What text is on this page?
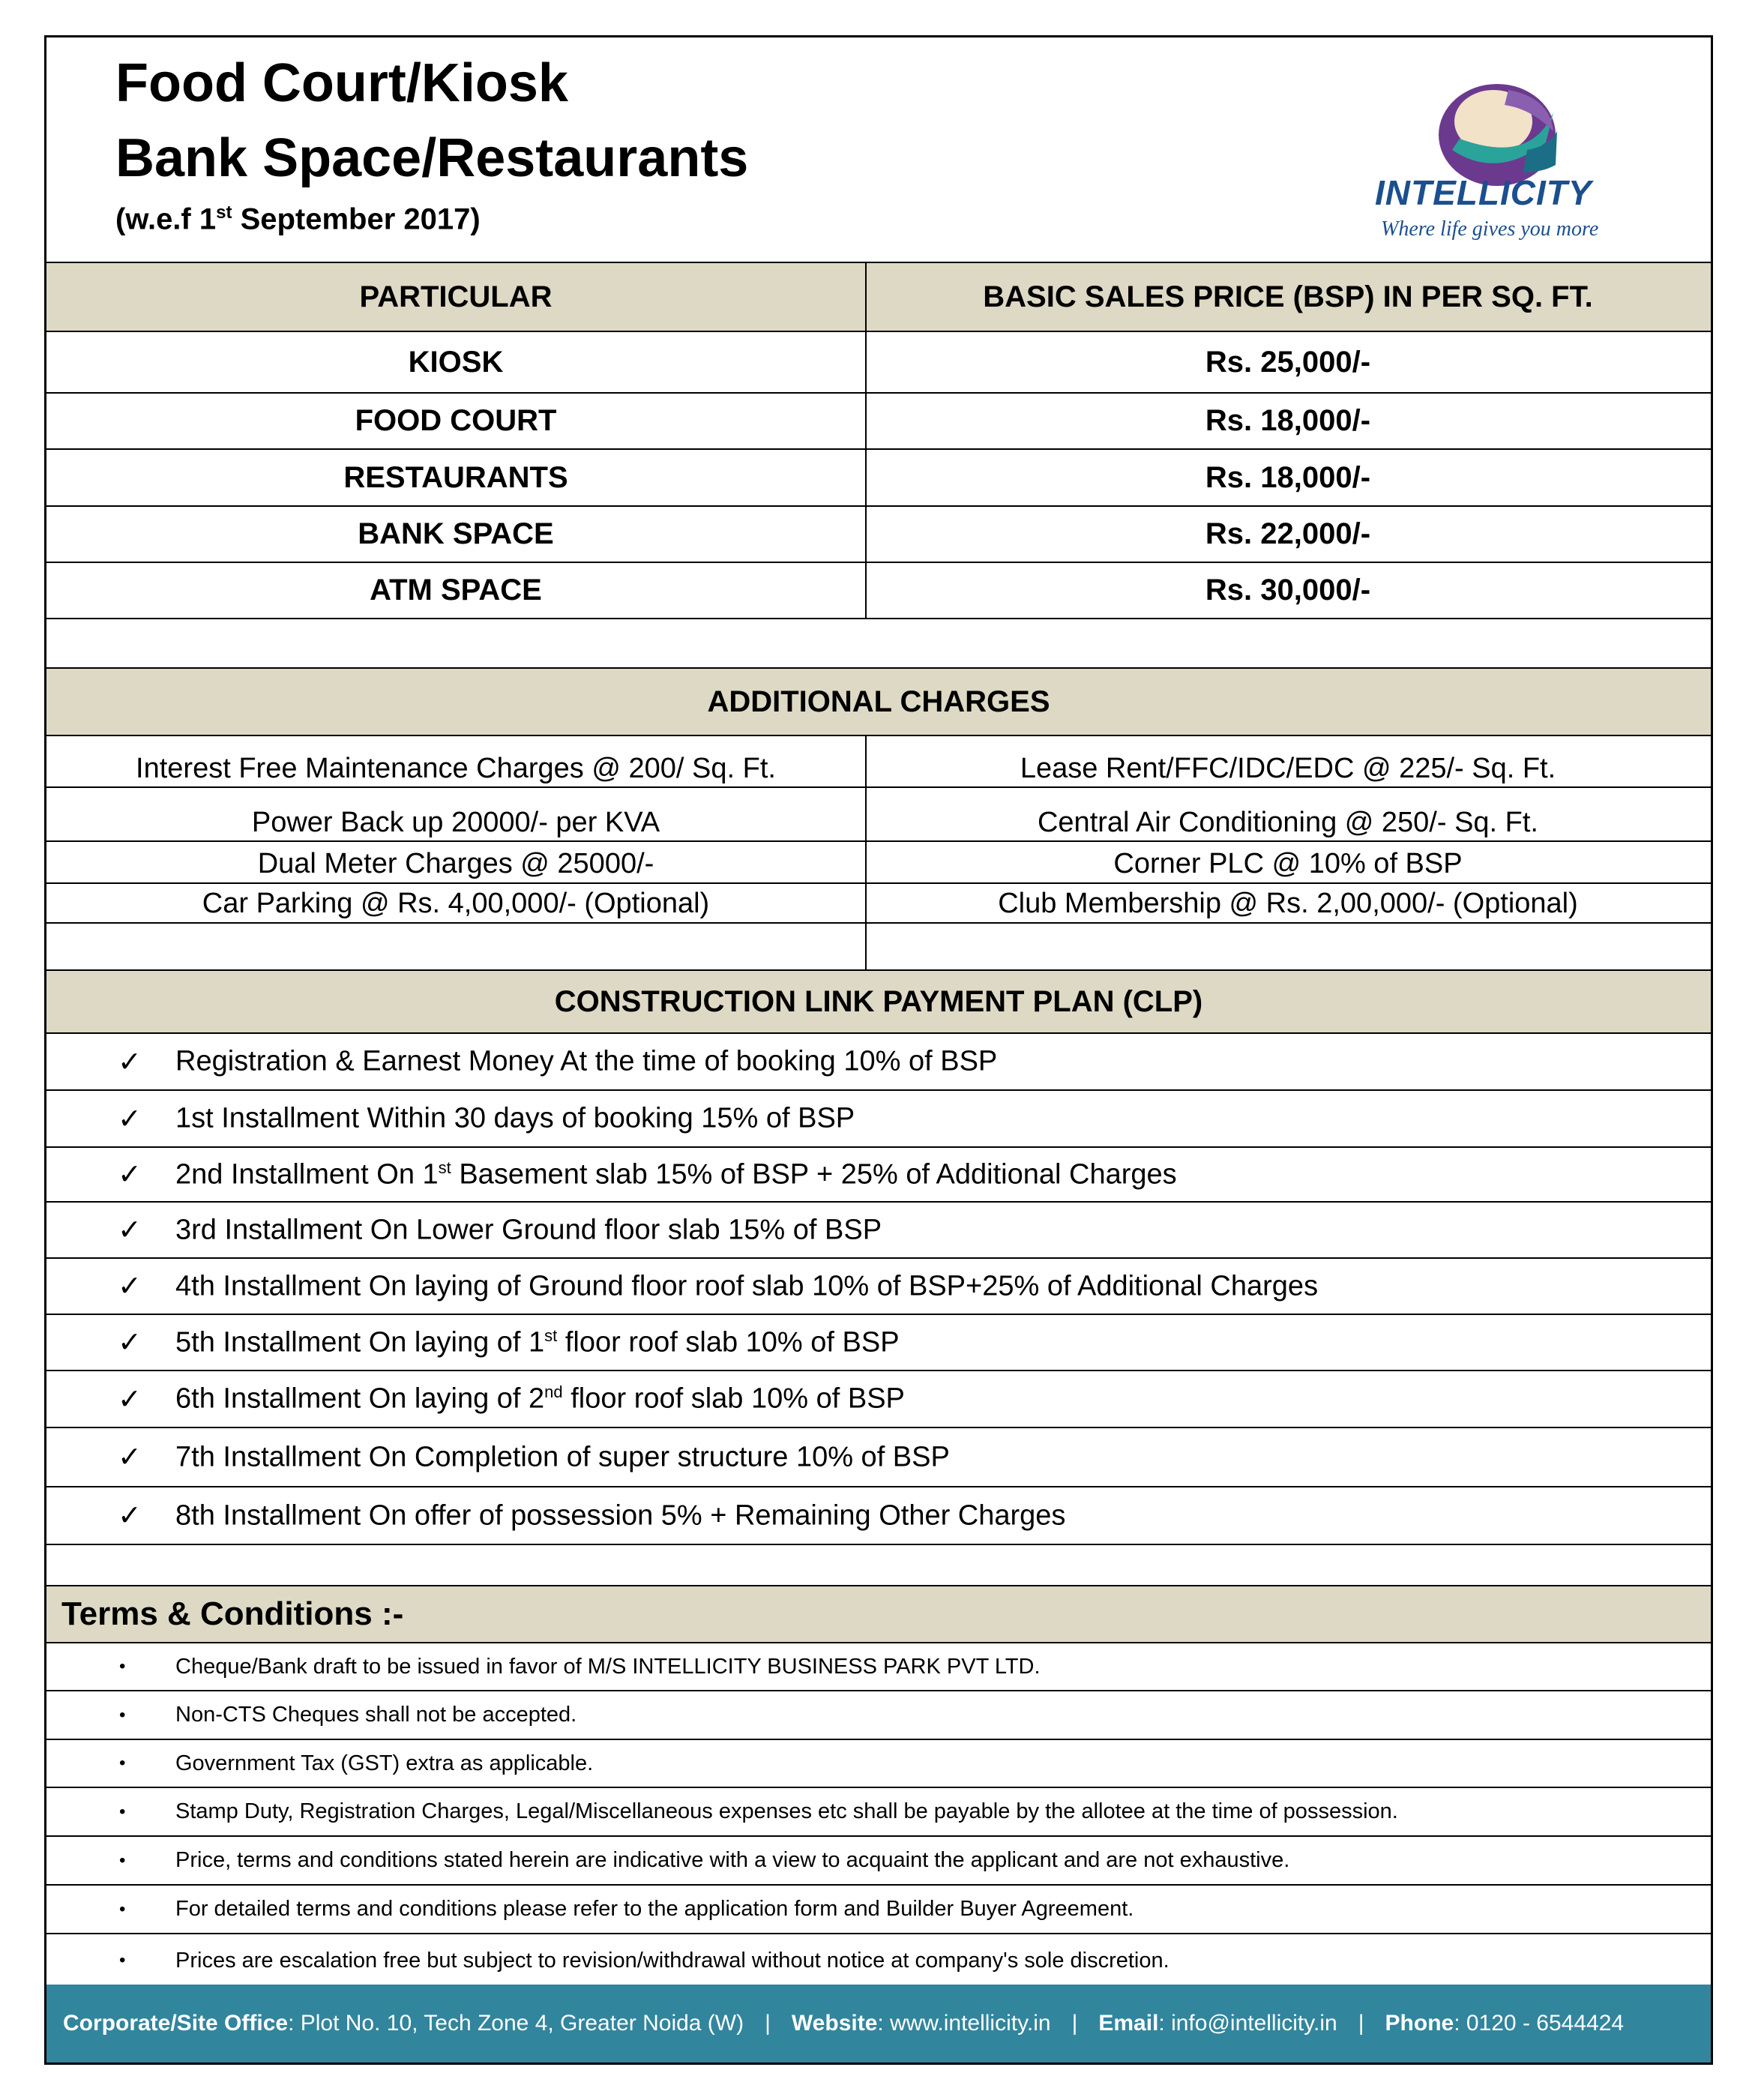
Food Court/Kiosk
Bank Space/Restaurants
(w.e.f 1st September 2017)
INTELLICITY
Where life gives you more
PARTICULAR	BASIC SALES PRICE (BSP) IN PER SQ. FT.
KIOSK	Rs. 25,000/-
FOOD COURT	Rs. 18,000/-
RESTAURANTS	Rs. 18,000/-
BANK SPACE	Rs. 22,000/-
ATM SPACE	Rs. 30,000/-
ADDITIONAL CHARGES
Interest Free Maintenance Charges @ 200/ Sq. Ft.	Lease Rent/FFC/IDC/EDC @ 225/- Sq. Ft.
Power Back up 20000/- per KVA	Central Air Conditioning @ 250/- Sq. Ft.
Dual Meter Charges @ 25000/-	Corner PLC @ 10% of BSP
Car Parking @ Rs. 4,00,000/- (Optional)	Club Membership @ Rs. 2,00,000/- (Optional)
CONSTRUCTION LINK PAYMENT PLAN (CLP)
✓ Registration & Earnest Money At the time of booking 10% of BSP
✓ 1st Installment Within 30 days of booking 15% of BSP
✓ 2nd Installment On 1st Basement slab 15% of BSP + 25% of Additional Charges
✓ 3rd Installment On Lower Ground floor slab 15% of BSP
✓ 4th Installment On laying of Ground floor roof slab 10% of BSP+25% of Additional Charges
✓ 5th Installment On laying of 1st floor roof slab 10% of BSP
✓ 6th Installment On laying of 2nd floor roof slab 10% of BSP
✓ 7th Installment On Completion of super structure 10% of BSP
✓ 8th Installment On offer of possession 5% + Remaining Other Charges
Terms & Conditions :-
• Cheque/Bank draft to be issued in favor of M/S INTELLICITY BUSINESS PARK PVT LTD.
• Non-CTS Cheques shall not be accepted.
• Government Tax (GST) extra as applicable.
• Stamp Duty, Registration Charges, Legal/Miscellaneous expenses etc shall be payable by the allotee at the time of possession.
• Price, terms and conditions stated herein are indicative with a view to acquaint the applicant and are not exhaustive.
• For detailed terms and conditions please refer to the application form and Builder Buyer Agreement.
• Prices are escalation free but subject to revision/withdrawal without notice at company's sole discretion.
Corporate/Site Office : Plot No. 10, Tech Zone 4, Greater Noida (W) | Website : www.intellicity.in | Email : info@intellicity.in | Phone : 0120 - 6544424
